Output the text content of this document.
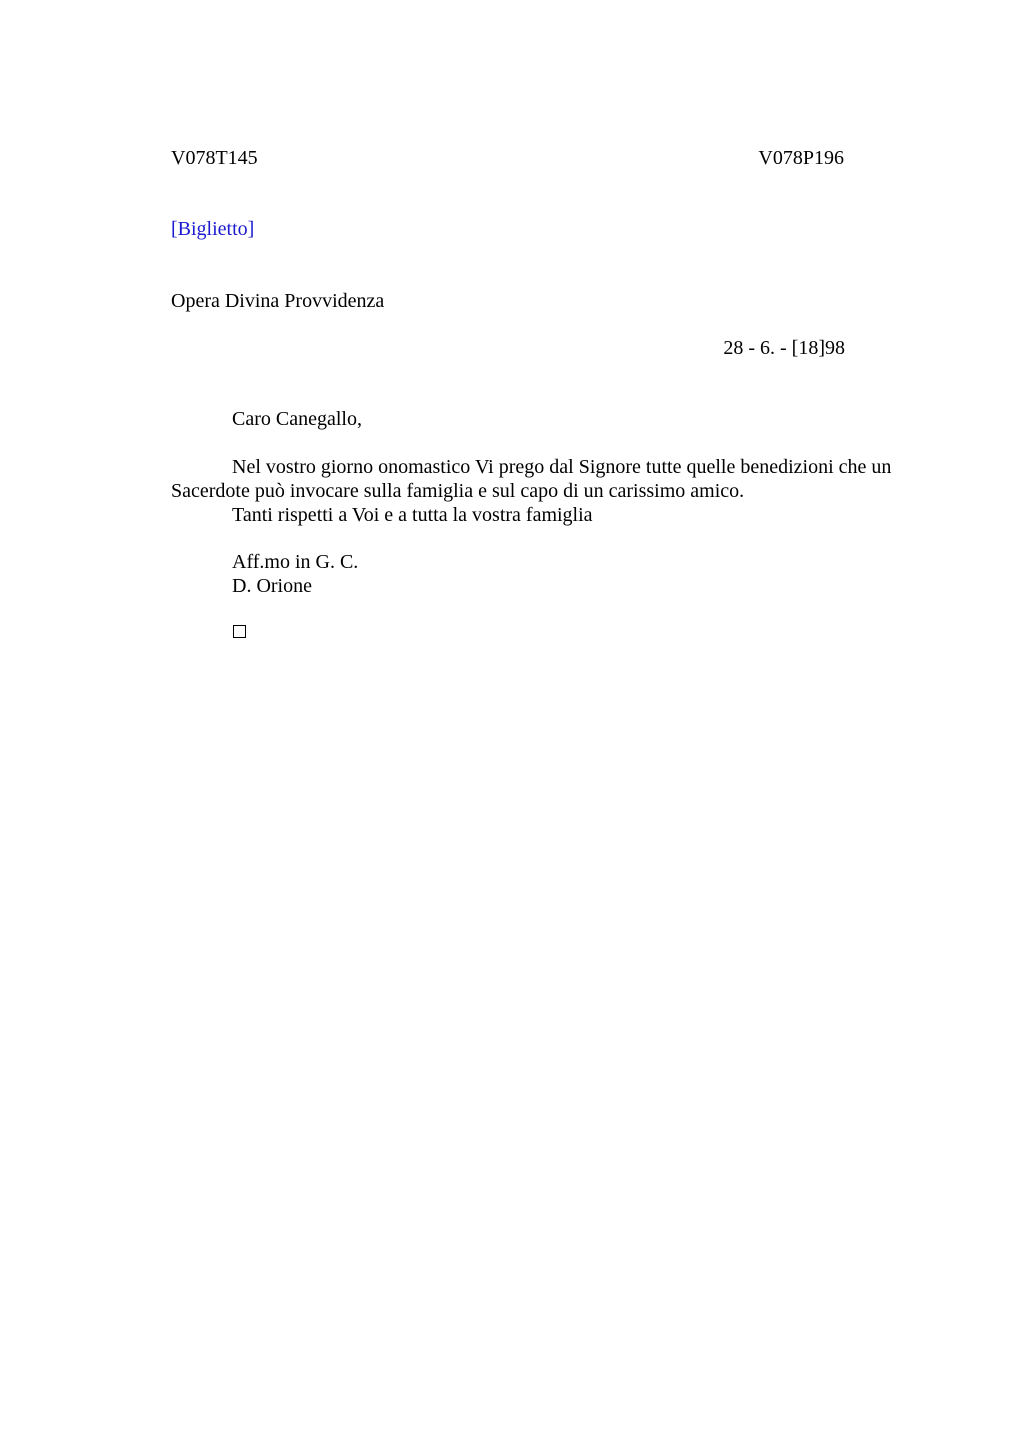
V078T145	V078P196
[Biglietto]
Opera Divina Provvidenza
28 - 6. - [18]98
Caro Canegallo,
Nel vostro giorno onomastico Vi prego dal Signore tutte quelle benedizioni che un Sacerdote può invocare sulla famiglia e sul capo di un carissimo amico.
Tanti rispetti a Voi e a tutta la vostra famiglia
Aff.mo in G. C.
D. Orione
